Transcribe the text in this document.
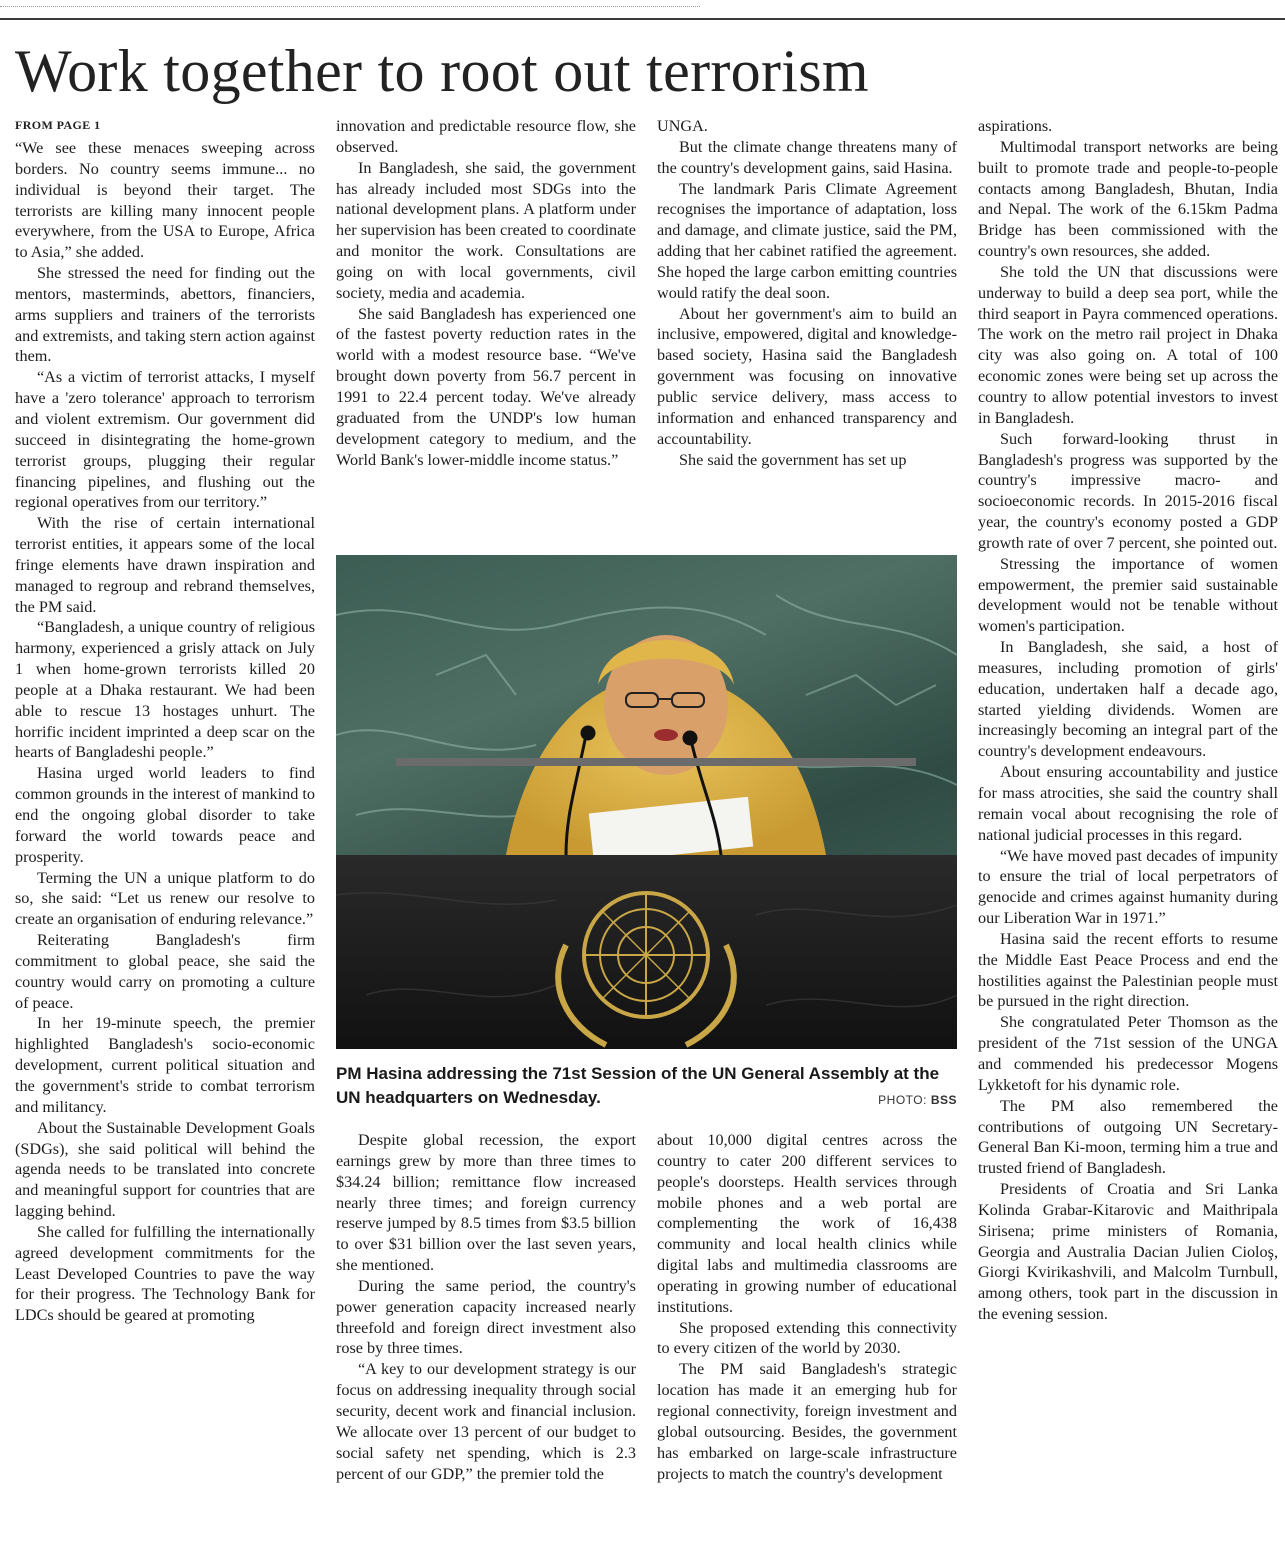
Work together to root out terrorism
FROM PAGE 1

“We see these menaces sweeping across borders. No country seems immune... no individual is beyond their target. The terrorists are killing many innocent people everywhere, from the USA to Europe, Africa to Asia,” she added.

She stressed the need for finding out the mentors, masterminds, abettors, financiers, arms suppliers and trainers of the terrorists and extremists, and taking stern action against them.

“As a victim of terrorist attacks, I myself have a 'zero tolerance' approach to terrorism and violent extremism. Our government did succeed in disintegrating the home-grown terrorist groups, plugging their regular financing pipelines, and flushing out the regional operatives from our territory.”

With the rise of certain international terrorist entities, it appears some of the local fringe elements have drawn inspiration and managed to regroup and rebrand themselves, the PM said.

“Bangladesh, a unique country of religious harmony, experienced a grisly attack on July 1 when home-grown terrorists killed 20 people at a Dhaka restaurant. We had been able to rescue 13 hostages unhurt. The horrific incident imprinted a deep scar on the hearts of Bangladeshi people.”

Hasina urged world leaders to find common grounds in the interest of mankind to end the ongoing global disorder to take forward the world towards peace and prosperity.

Terming the UN a unique platform to do so, she said: “Let us renew our resolve to create an organisation of enduring relevance.”

Reiterating Bangladesh's firm commitment to global peace, she said the country would carry on promoting a culture of peace.

In her 19-minute speech, the premier highlighted Bangladesh's socio-economic development, current political situation and the government's stride to combat terrorism and militancy.

About the Sustainable Development Goals (SDGs), she said political will behind the agenda needs to be translated into concrete and meaningful support for countries that are lagging behind.

She called for fulfilling the internationally agreed development commitments for the Least Developed Countries to pave the way for their progress. The Technology Bank for LDCs should be geared at promoting

innovation and predictable resource flow, she observed.

In Bangladesh, she said, the government has already included most SDGs into the national development plans. A platform under her supervision has been created to coordinate and monitor the work. Consultations are going on with local governments, civil society, media and academia.

She said Bangladesh has experienced one of the fastest poverty reduction rates in the world with a modest resource base. “We've brought down poverty from 56.7 percent in 1991 to 22.4 percent today. We've already graduated from the UNDP's low human development category to medium, and the World Bank's lower-middle income status.”

UNGA.

But the climate change threatens many of the country's development gains, said Hasina.

The landmark Paris Climate Agreement recognises the importance of adaptation, loss and damage, and climate justice, said the PM, adding that her cabinet ratified the agreement. She hoped the large carbon emitting countries would ratify the deal soon.

About her government's aim to build an inclusive, empowered, digital and knowledge-based society, Hasina said the Bangladesh government was focusing on innovative public service delivery, mass access to information and enhanced transparency and accountability.

She said the government has set up

aspirations.

Multimodal transport networks are being built to promote trade and people-to-people contacts among Bangladesh, Bhutan, India and Nepal. The work of the 6.15km Padma Bridge has been commissioned with the country's own resources, she added.

She told the UN that discussions were underway to build a deep sea port, while the third seaport in Payra commenced operations. The work on the metro rail project in Dhaka city was also going on. A total of 100 economic zones were being set up across the country to allow potential investors to invest in Bangladesh.

Such forward-looking thrust in Bangladesh's progress was supported by the country's impressive macro- and socioeconomic records. In 2015-2016 fiscal year, the country's economy posted a GDP growth rate of over 7 percent, she pointed out.

Stressing the importance of women empowerment, the premier said sustainable development would not be tenable without women's participation.

In Bangladesh, she said, a host of measures, including promotion of girls' education, undertaken half a decade ago, started yielding dividends. Women are increasingly becoming an integral part of the country's development endeavours.

About ensuring accountability and justice for mass atrocities, she said the country shall remain vocal about recognising the role of national judicial processes in this regard.

“We have moved past decades of impunity to ensure the trial of local perpetrators of genocide and crimes against humanity during our Liberation War in 1971.”

Hasina said the recent efforts to resume the Middle East Peace Process and end the hostilities against the Palestinian people must be pursued in the right direction.

She congratulated Peter Thomson as the president of the 71st session of the UNGA and commended his predecessor Mogens Lykketoft for his dynamic role.

The PM also remembered the contributions of outgoing UN Secretary-General Ban Ki-moon, terming him a true and trusted friend of Bangladesh.

Presidents of Croatia and Sri Lanka Kolinda Grabar-Kitarovic and Maithripala Sirisena; prime ministers of Romania, Georgia and Australia Dacian Julien Cioloş, Giorgi Kvirikashvili, and Malcolm Turnbull, among others, took part in the discussion in the evening session.

PM Hasina addressing the 71st Session of the UN General Assembly at the UN headquarters on Wednesday.	PHOTO: BSS

Despite global recession, the export earnings grew by more than three times to $34.24 billion; remittance flow increased nearly three times; and foreign currency reserve jumped by 8.5 times from $3.5 billion to over $31 billion over the last seven years, she mentioned.

During the same period, the country's power generation capacity increased nearly threefold and foreign direct investment also rose by three times.

“A key to our development strategy is our focus on addressing inequality through social security, decent work and financial inclusion. We allocate over 13 percent of our budget to social safety net spending, which is 2.3 percent of our GDP,” the premier told the

about 10,000 digital centres across the country to cater 200 different services to people's doorsteps. Health services through mobile phones and a web portal are complementing the work of 16,438 community and local health clinics while digital labs and multimedia classrooms are operating in growing number of educational institutions.

She proposed extending this connectivity to every citizen of the world by 2030.

The PM said Bangladesh's strategic location has made it an emerging hub for regional connectivity, foreign investment and global outsourcing. Besides, the government has embarked on large-scale infrastructure projects to match the country's development
